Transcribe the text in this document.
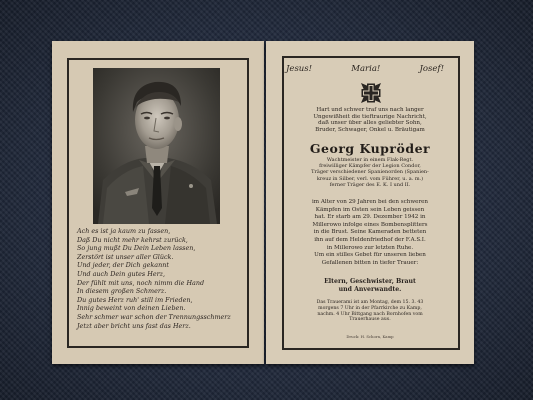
Ach es ist ja kaum zu fassen,
Daß Du nicht mehr kehrst zurück,
So jung mußt Du Dein Leben lassen,
Zerstört ist unser aller Glück.
Und jeder, der Dich gekannt
Und auch Dein gutes Herz,
Der fühlt mit uns, noch nimm die Hand
In diesem großen Schmerz.
Du gutes Herz ruh' still im Frieden,
Innig beweint von deinen Lieben.
Sehr schmer war schon der Trennungsschmerz
Jetzt aber bricht uns fast das Herz.
Jesus!	Maria!	Josef!
Hart und schwer traf uns nach langer
Ungewißheit die tieftraurige Nachricht,
daß unser über alles geliebter Sohn,
Bruder, Schwager, Onkel u. Bräutigam
Georg Kupröder
Wachtmeister in einem Flak-Regt.
freiwilliger Kämpfer der Legion Condor,
Träger verschiedener Spanienorden (Spanien-
kreuz in Silber, verl. vom Führer, u. a. m.)
ferner Träger des E. K. I und II.
im Alter von 29 Jahren bei den schweren
Kämpfen im Osten sein Leben geissen
hat. Er starb am 29. Dezember 1942 in
Millerowo infolge eines Bombensplitters
in die Brust. Seine Kameraden betteten
ihn auf dem Heldenfriedhof der F.A.S.I.
in Millerowo zur letzten Ruhe.
Um ein stilles Gebet für unseren lieben
Gefallenen bitten in tiefer Trauer:
Eltern, Geschwister, Braut
und Anverwandte.
Das Trauerami ist am Montag, dem 15. 3. 43
morgens 7 Uhr in der Pfarrkirche zu Kamp,
nachm. 4 Uhr Bittgang nach Bornhofen vom
Trauerhause aus.
Druck: H. Schorn, Kamp
